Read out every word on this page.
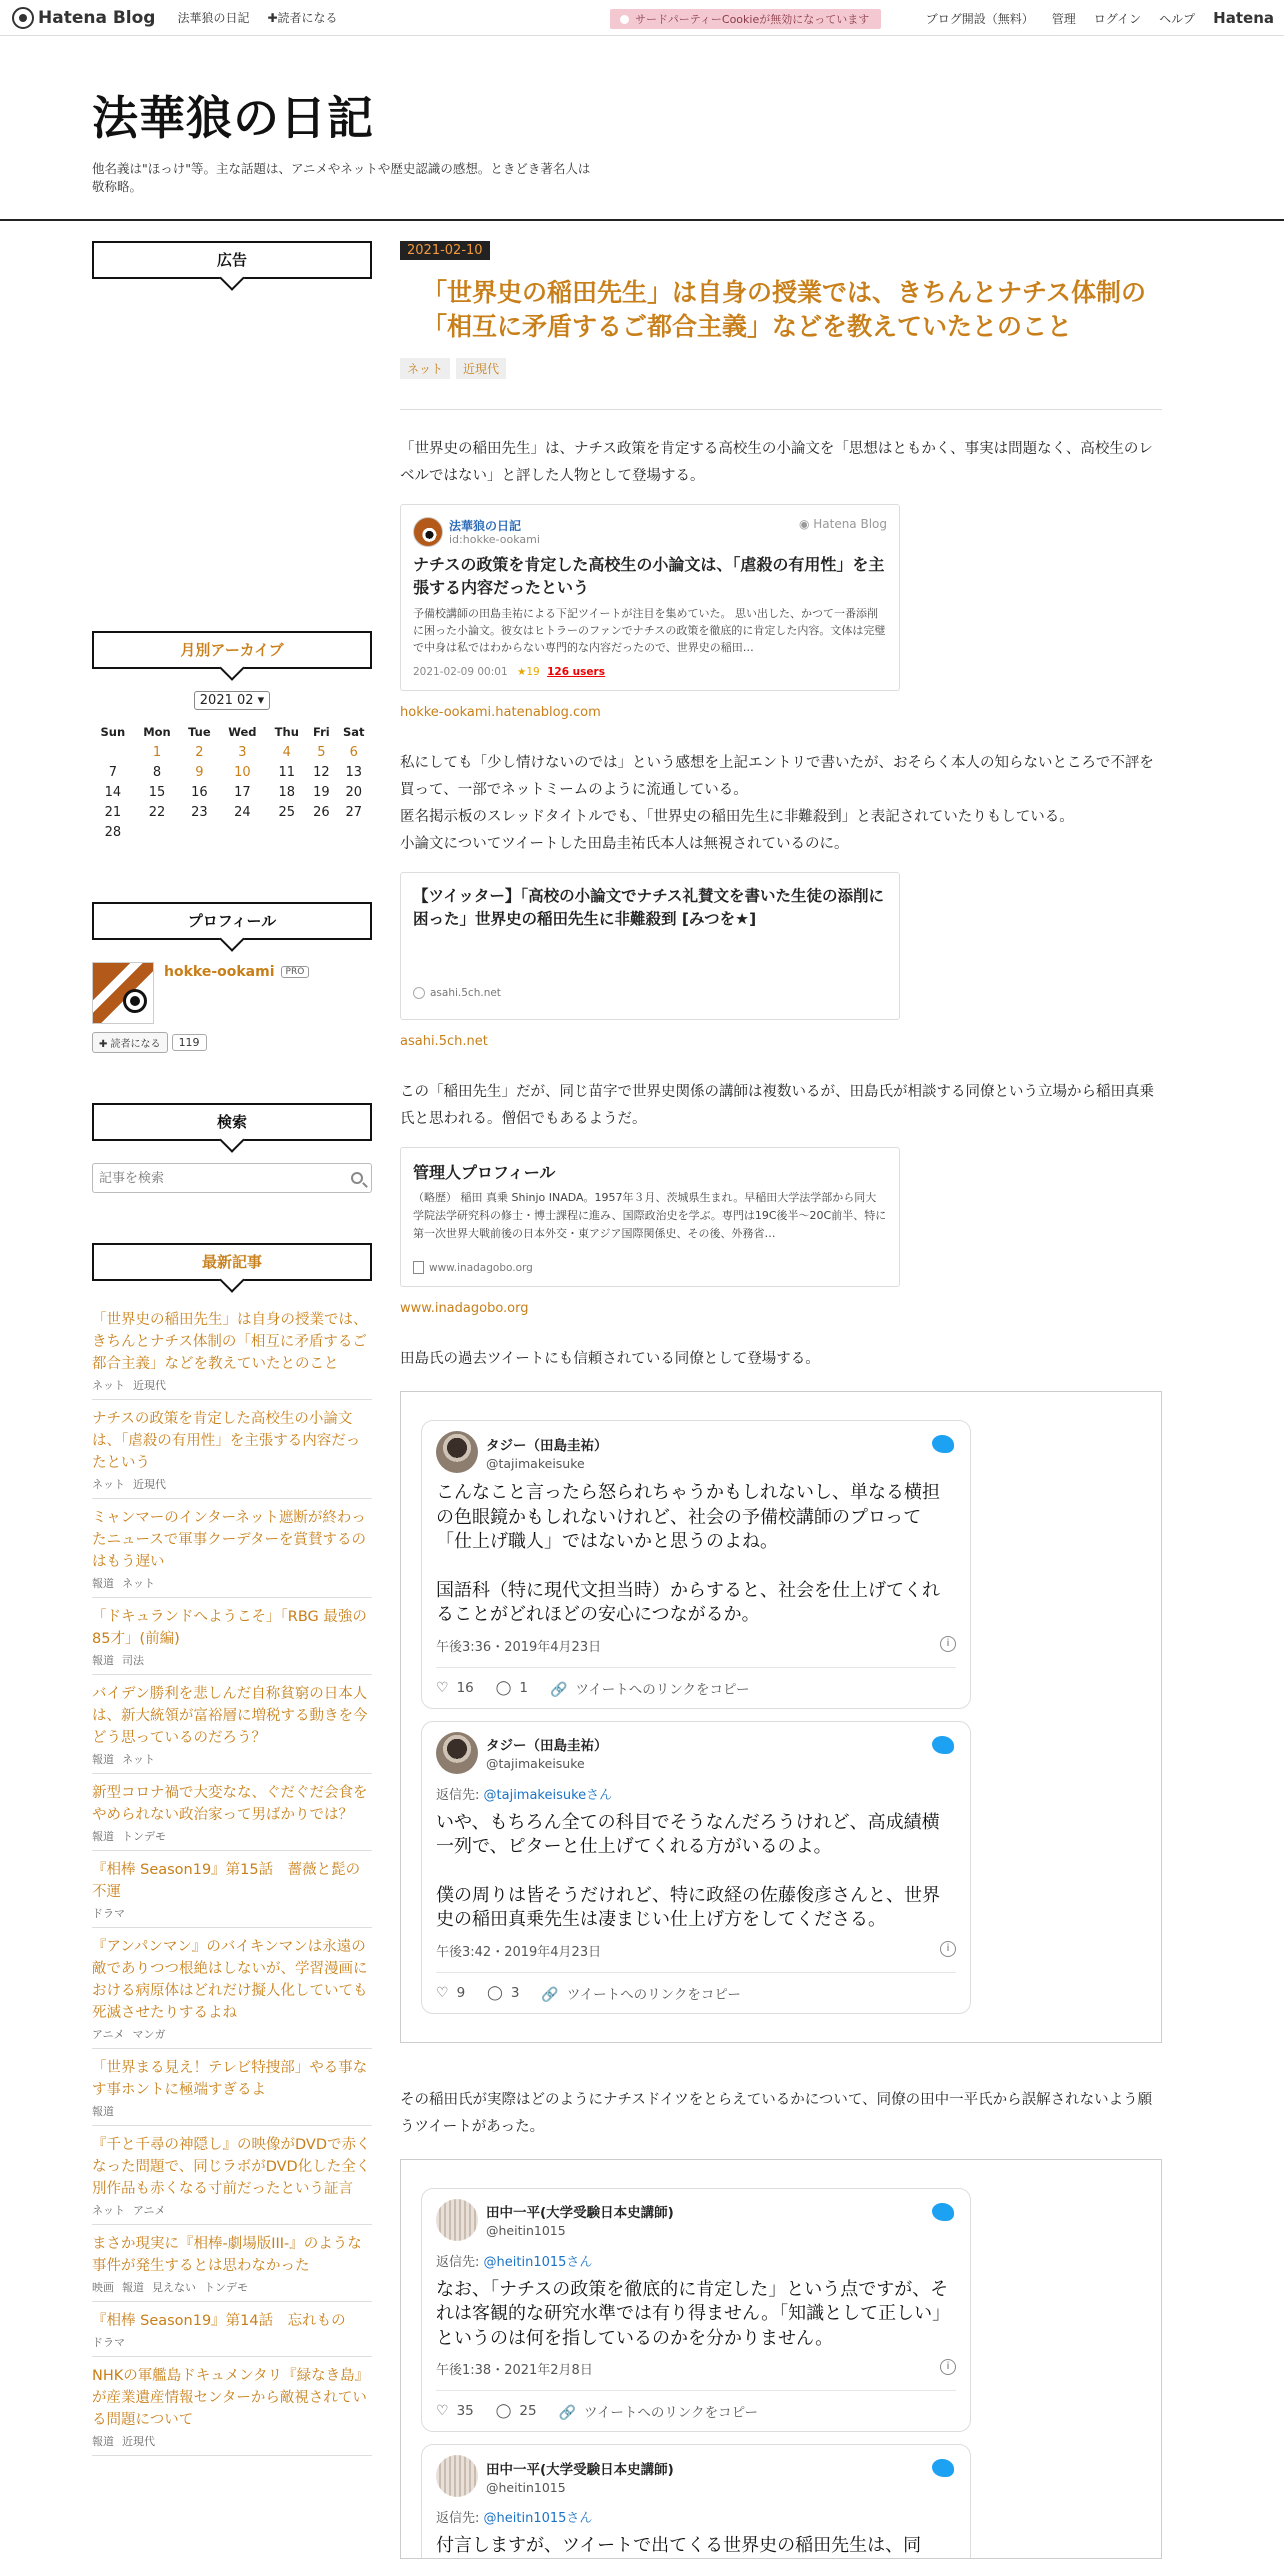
Hatena Blog 法華狼の日記 ✚読者になる	サードパーティーCookieが無効になっています	ブログ開設（無料） 管理 ログイン ヘルプ Hatena
法華狼の日記
他名義は"ほっけ"等。主な話題は、アニメやネットや歴史認識の感想。ときどき著名人は敬称略。
広告
月別アーカイブ
2021 02 ▾
Sun	Mon	Tue	Wed	Thu	Fri	Sat
	1	2	3	4	5	6
7	8	9	10	11	12	13
14	15	16	17	18	19	20
21	22	23	24	25	26	27
28						
プロフィール
hokke-ookami PRO
✚ 読者になる	119
検索
記事を検索
最新記事
「世界史の稲田先生」は自身の授業では、きちんとナチス体制の「相互に矛盾するご都合主義」などを教えていたとのこと
ネット 近現代
ナチスの政策を肯定した高校生の小論文は、「虐殺の有用性」を主張する内容だったという
ネット 近現代
ミャンマーのインターネット遮断が終わったニュースで軍事クーデターを賞賛するのはもう遅い
報道 ネット
「ドキュランドへようこそ」「RBG 最強の85才」(前編)
報道 司法
バイデン勝利を悲しんだ自称貧窮の日本人は、新大統領が富裕層に増税する動きを今どう思っているのだろう？
報道 ネット
新型コロナ禍で大変なな、ぐだぐだ会食をやめられない政治家って男ばかりでは？
報道 トンデモ
『相棒 Season19』第15話　薔薇と髭の不運
ドラマ
『アンパンマン』のバイキンマンは永遠の敵でありつつ根絶はしないが、学習漫画における病原体はどれだけ擬人化していても死滅させたりするよね
アニメ マンガ
「世界まる見え！テレビ特捜部」やる事なす事ホントに極端すぎるよ
報道
『千と千尋の神隠し』の映像がDVDで赤くなった問題で、同じラボがDVD化した全く別作品も赤くなる寸前だったという証言
ネット アニメ
まさか現実に『相棒-劇場版III-』のような事件が発生するとは思わなかった
映画 報道 見えない トンデモ
『相棒 Season19』第14話　忘れもの
ドラマ
NHKの軍艦島ドキュメンタリ『緑なき島』が産業遺産情報センターから敵視されている問題について
報道 近現代
2021-02-10
「世界史の稲田先生」は自身の授業では、きちんとナチス体制の「相互に矛盾するご都合主義」などを教えていたとのこと
ネット	近現代

「世界史の稲田先生」は、ナチス政策を肯定する高校生の小論文を「思想はともかく、事実は問題なく、高校生のレベルではない」と評した人物として登場する。

法華狼の日記
id:hokke-ookami
◉ Hatena Blog
ナチスの政策を肯定した高校生の小論文は、「虐殺の有用性」を主張する内容だったという
予備校講師の田島圭祐による下記ツイートが注目を集めていた。 思い出した、かつて一番添削に困った小論文。彼女はヒトラーのファンでナチスの政策を徹底的に肯定した内容。文体は完璧で中身は私ではわからない専門的な内容だったので、世界史の稲田…
2021-02-09 00:01 ★19 126 users
hokke-ookami.hatenablog.com

私にしても「少し情けないのでは」という感想を上記エントリで書いたが、おそらく本人の知らないところで不評を買って、一部でネットミームのように流通している。

匿名掲示板のスレッドタイトルでも、「世界史の稲田先生に非難殺到」と表記されていたりもしている。

小論文についてツイートした田島圭祐氏本人は無視されているのに。

【ツイッター】「高校の小論文でナチス礼賛文を書いた生徒の添削に困った」世界史の稲田先生に非難殺到 [みつを★]
asahi.5ch.net
asahi.5ch.net

この「稲田先生」だが、同じ苗字で世界史関係の講師は複数いるが、田島氏が相談する同僚という立場から稲田真乗氏と思われる。僧侶でもあるようだ。

管理人プロフィール
（略歴） 稲田 真乗 Shinjo INADA。1957年３月、茨城県生まれ。早稲田大学法学部から同大学院法学研究科の修士・博士課程に進み、国際政治史を学ぶ。専門は19C後半～20C前半、特に第一次世界大戦前後の日本外交・東アジア国際関係史、その後、外務省…
www.inadagobo.org
www.inadagobo.org

田島氏の過去ツイートにも信頼されている同僚として登場する。

タジー（田島圭祐）
@tajimakeisuke
こんなこと言ったら怒られちゃうかもしれないし、単なる横担の色眼鏡かもしれないけれど、社会の予備校講師のプロって「仕上げ職人」ではないかと思うのよね。
国語科（特に現代文担当時）からすると、社会を仕上げてくれることがどれほどの安心につながるか。
午後3:36・2019年4月23日	i
♡ 16 ◯ 1 🔗 ツイートへのリンクをコピー
タジー（田島圭祐）
@tajimakeisuke
返信先: @tajimakeisukeさん
いや、もちろん全ての科目でそうなんだろうけれど、高成績横一列で、ピターと仕上げてくれる方がいるのよ。
僕の周りは皆そうだけれど、特に政経の佐藤俊彦さんと、世界史の稲田真乗先生は凄まじい仕上げ方をしてくださる。
午後3:42・2019年4月23日	i
♡ 9 ◯ 3 🔗 ツイートへのリンクをコピー

その稲田氏が実際はどのようにナチスドイツをとらえているかについて、同僚の田中一平氏から誤解されないよう願うツイートがあった。

田中一平(大学受験日本史講師)
@heitin1015
返信先: @heitin1015さん
なお、「ナチスの政策を徹底的に肯定した」という点ですが、それは客観的な研究水準では有り得ません。「知識として正しい」というのは何を指しているのかを分かりません。
午後1:38・2021年2月8日	i
♡ 35 ◯ 25 🔗 ツイートへのリンクをコピー
田中一平(大学受験日本史講師)
@heitin1015
返信先: @heitin1015さん
付言しますが、ツイートで出てくる世界史の稲田先生は、同
